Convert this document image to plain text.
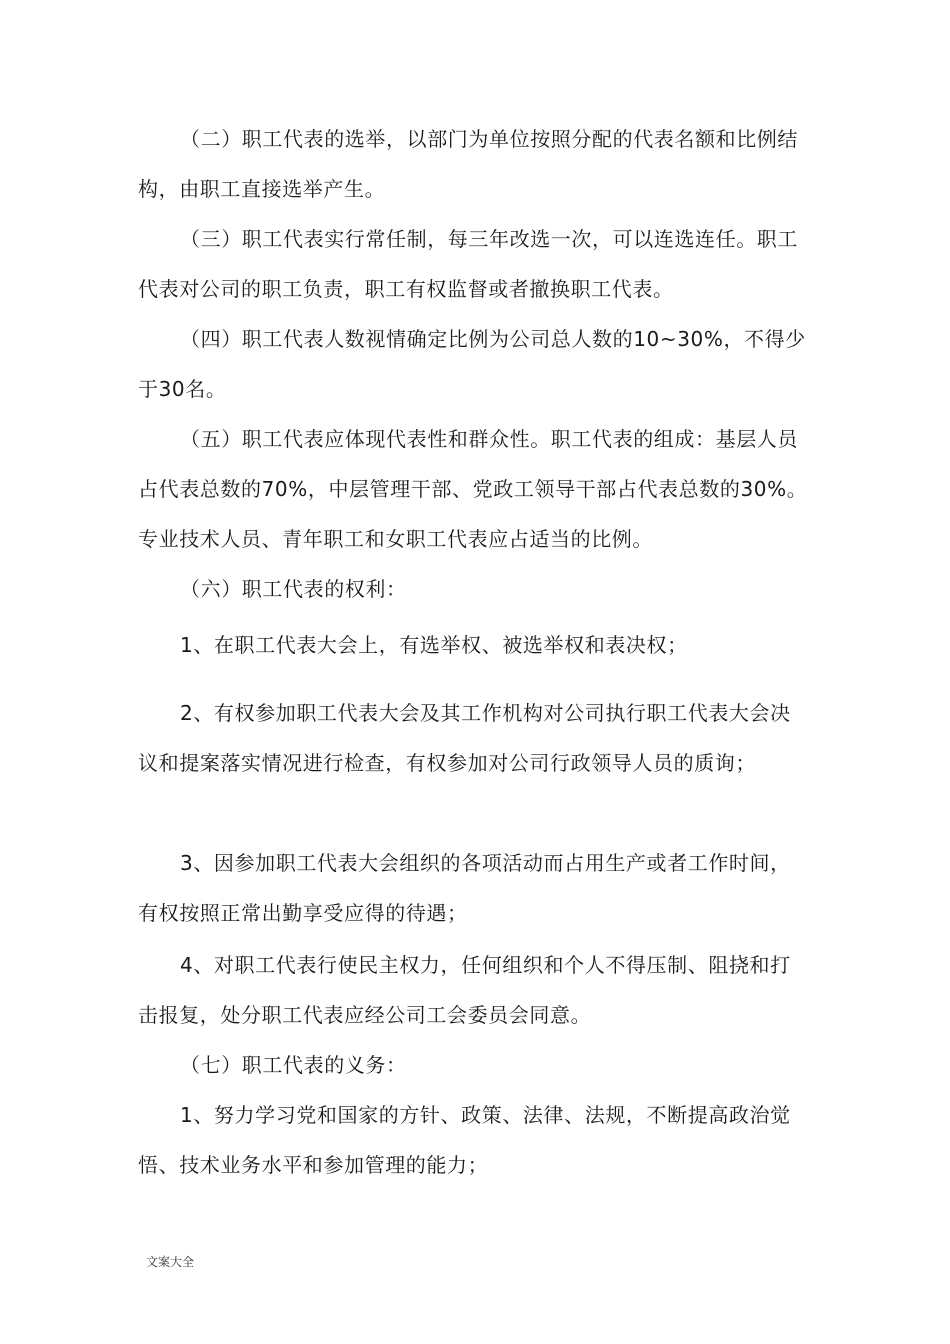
（二）职工代表的选举，以部门为单位按照分配的代表名额和比例结构，由职工直接选举产生。

（三）职工代表实行常任制，每三年改选一次，可以连选连任。职工代表对公司的职工负责，职工有权监督或者撤换职工代表。

（四）职工代表人数视情确定比例为公司总人数的10~30%，不得少于30名。

（五）职工代表应体现代表性和群众性。职工代表的组成：基层人员占代表总数的70%，中层管理干部、党政工领导干部占代表总数的30%。专业技术人员、青年职工和女职工代表应占适当的比例。

（六）职工代表的权利：

1、在职工代表大会上，有选举权、被选举权和表决权；

2、有权参加职工代表大会及其工作机构对公司执行职工代表大会决议和提案落实情况进行检查，有权参加对公司行政领导人员的质询；

3、因参加职工代表大会组织的各项活动而占用生产或者工作时间，有权按照正常出勤享受应得的待遇；

4、对职工代表行使民主权力，任何组织和个人不得压制、阻挠和打击报复，处分职工代表应经公司工会委员会同意。

（七）职工代表的义务：

1、努力学习党和国家的方针、政策、法律、法规，不断提高政治觉悟、技术业务水平和参加管理的能力；

文案大全
